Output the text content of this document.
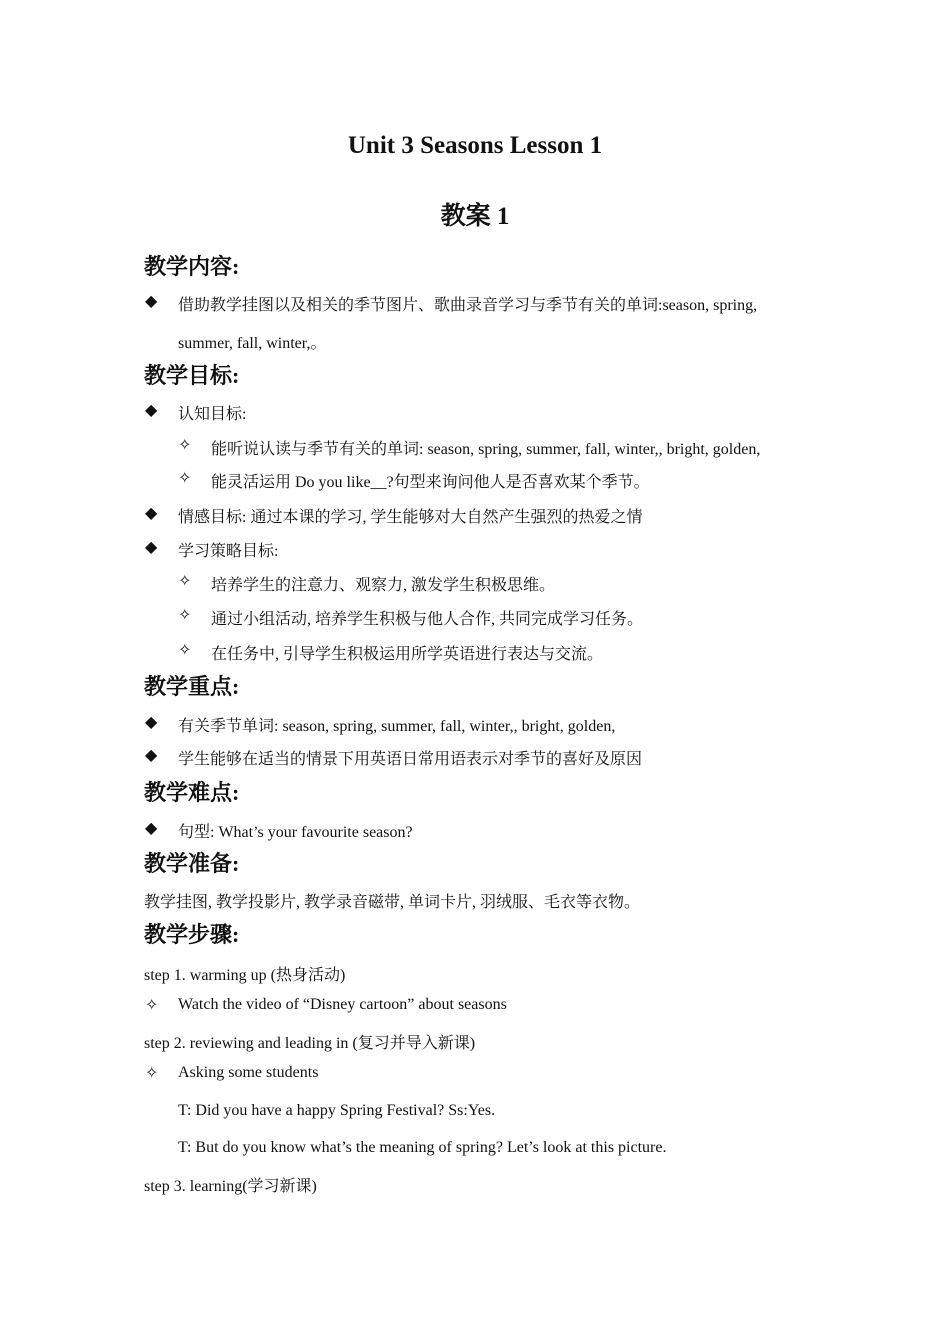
Unit 3 Seasons Lesson 1
教案 1
教学内容:
◆ 借助教学挂图以及相关的季节图片、歌曲录音学习与季节有关的单词:season, spring,
summer, fall, winter,。
教学目标:
◆ 认知目标:
✧ 能听说认读与季节有关的单词: season, spring, summer, fall, winter,, bright, golden,
✧ 能灵活运用 Do you like__?句型来询问他人是否喜欢某个季节。
◆ 情感目标: 通过本课的学习, 学生能够对大自然产生强烈的热爱之情
◆ 学习策略目标:
✧ 培养学生的注意力、观察力, 激发学生积极思维。
✧ 通过小组活动, 培养学生积极与他人合作, 共同完成学习任务。
✧ 在任务中, 引导学生积极运用所学英语进行表达与交流。
教学重点:
◆ 有关季节单词: season, spring, summer, fall, winter,, bright, golden,
◆ 学生能够在适当的情景下用英语日常用语表示对季节的喜好及原因
教学难点:
◆ 句型: What’s your favourite season?
教学准备:
教学挂图, 教学投影片, 教学录音磁带, 单词卡片, 羽绒服、毛衣等衣物。
教学步骤:
step 1. warming up (热身活动)
✧ Watch the video of “Disney cartoon” about seasons
step 2. reviewing and leading in (复习并导入新课)
✧ Asking some students
T: Did you have a happy Spring Festival? Ss:Yes.
T: But do you know what’s the meaning of spring? Let’s look at this picture.
step 3. learning(学习新课)
